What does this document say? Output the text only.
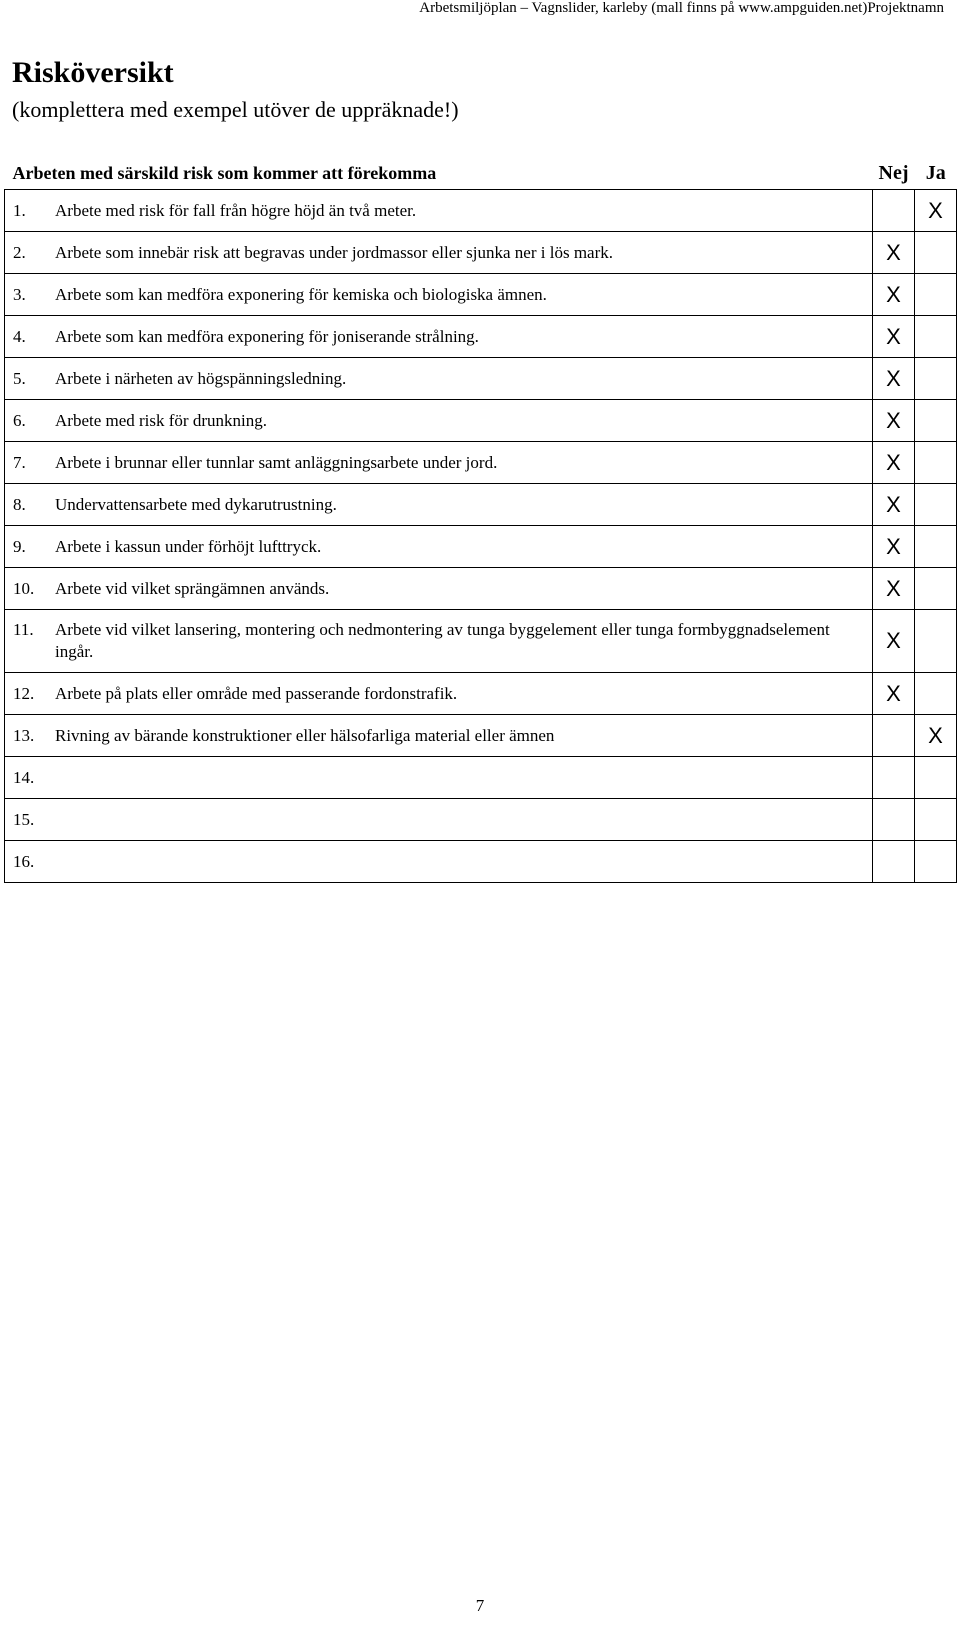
Arbetsmiljöplan – Vagnslider, karleby (mall finns på www.ampguiden.net)Projektnamn
Risköversikt
(komplettera med exempel utöver de uppräknade!)
Arbeten med särskild risk som kommer att förekomma	Nej	Ja

1. Arbete med risk för fall från högre höjd än två meter.		X

2. Arbete som innebär risk att begravas under jordmassor eller sjunka ner i lös mark.	X	

3. Arbete som kan medföra exponering för kemiska och biologiska ämnen.	X	

4. Arbete som kan medföra exponering för joniserande strålning.	X	

5. Arbete i närheten av högspänningsledning.	X	

6. Arbete med risk för drunkning.	X	

7. Arbete i brunnar eller tunnlar samt anläggningsarbete under jord.	X	

8. Undervattensarbete med dykarutrustning.	X	

9. Arbete i kassun under förhöjt lufttryck.	X	

10. Arbete vid vilket sprängämnen används.	X	

11. Arbete vid vilket lansering, montering och nedmontering av tunga byggelement eller tunga formbyggnadselement ingår.	X	

12. Arbete på plats eller område med passerande fordonstrafik.	X	

13. Rivning av bärande konstruktioner eller hälsofarliga material eller ämnen		X

14.		

15.		

16.		

7
